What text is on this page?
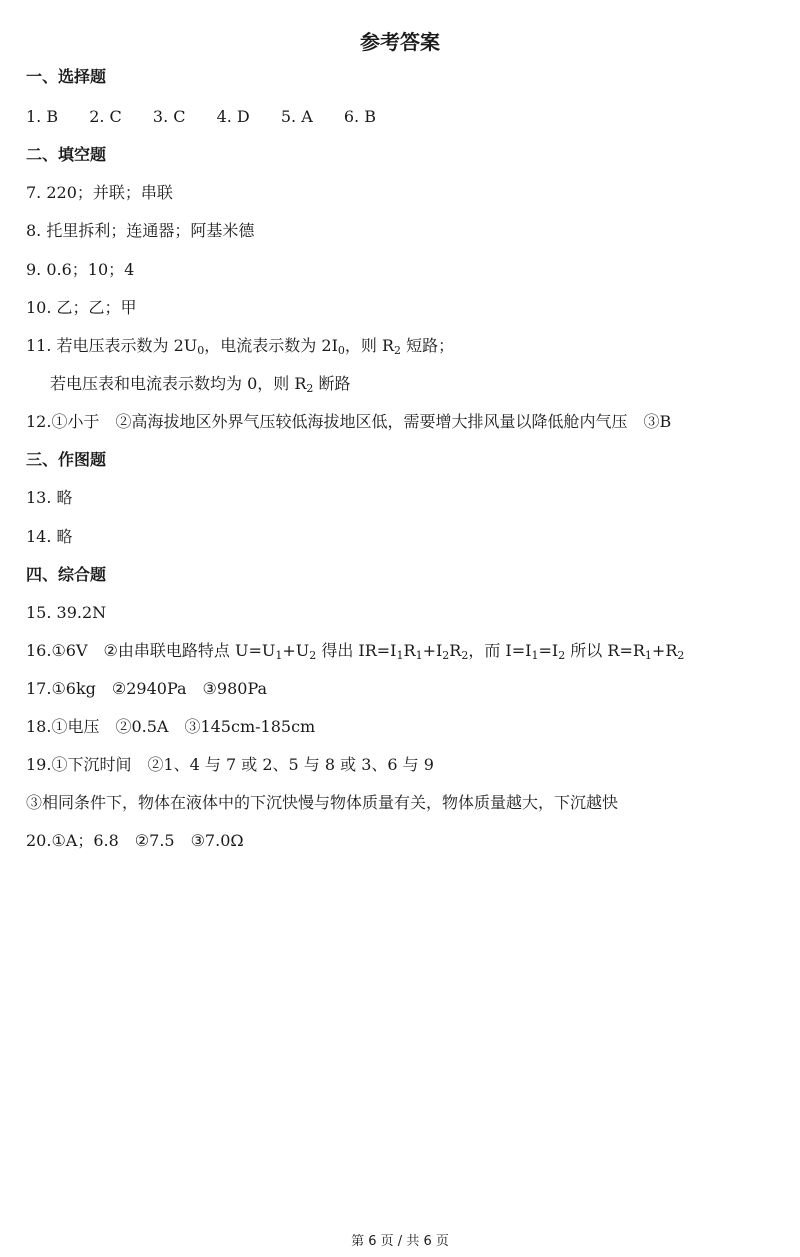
参考答案
一、选择题
1. B 2. C 3. C 4. D 5. A 6. B
二、填空题
7. 220；并联；串联
8. 托里拆利；连通器；阿基米德
9. 0.6；10；4
10. 乙；乙；甲
11. 若电压表示数为 $2U_0$，电流表示数为 $2I_0$，则 $R_2$ 短路；
若电压表和电流表示数均为 0，则 $R_2$ 断路
12.①小于　②高海拔地区外界气压较低海拔地区低，需要增大排风量以降低舱内气压　③B
三、作图题
13. 略
14. 略
四、综合题
15. 39.2N
16.①6V　②由串联电路特点 $U=U_1+U_2$ 得出 $IR=I_1R_1+I_2R_2$，而 $I=I_1=I_2$ 所以 $R=R_1+R_2$
17.①6kg　②2940Pa　③980Pa
18.①电压　②0.5A　③145cm-185cm
19.①下沉时间　②1、4 与 7 或 2、5 与 8 或 3、6 与 9
③相同条件下，物体在液体中的下沉快慢与物体质量有关，物体质量越大，下沉越快
20.①A；6.8　②7.5　③7.0Ω
第 6 页 / 共 6 页
